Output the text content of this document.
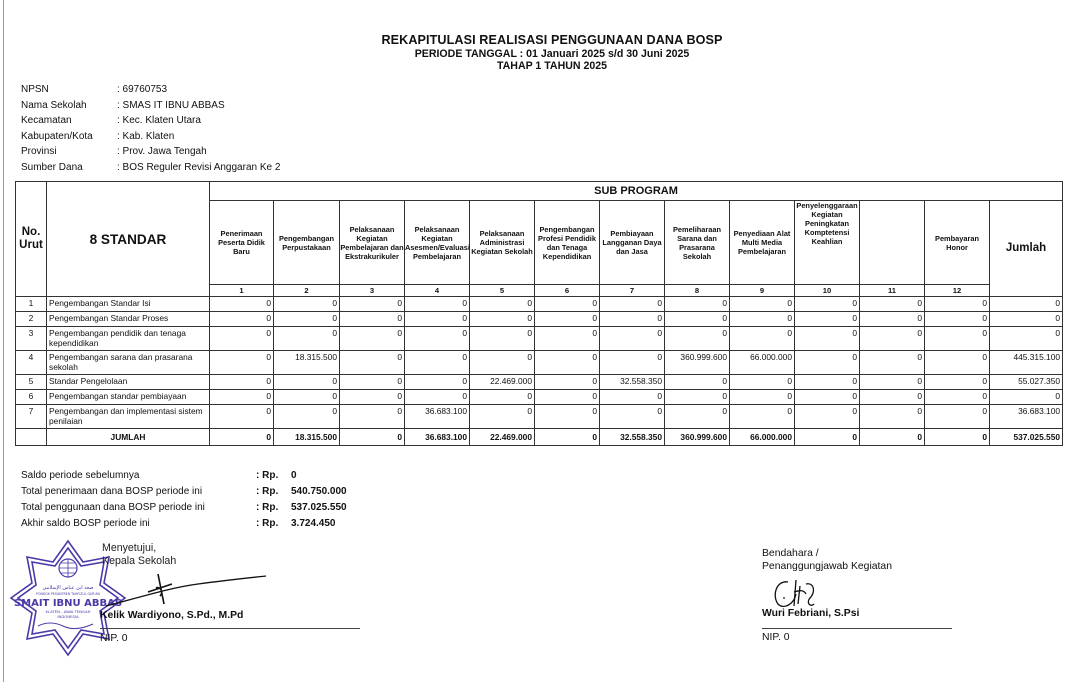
REKAPITULASI REALISASI PENGGUNAAN DANA BOSP
PERIODE TANGGAL : 01 Januari 2025 s/d 30 Juni 2025
TAHAP 1 TAHUN 2025
NPSN	: 69760753
Nama Sekolah	: SMAS IT IBNU ABBAS
Kecamatan	: Kec. Klaten Utara
Kabupaten/Kota	: Kab. Klaten
Provinsi	: Prov. Jawa Tengah
Sumber Dana	: BOS Reguler Revisi Anggaran Ke 2
No. Urut	8 STANDAR	SUB PROGRAM												
		Penerimaan Peserta Didik Baru	Pengembangan Perpustakaan	Pelaksanaan Kegiatan Pembelajaran dan Ekstrakurikuler	Pelaksanaan Kegiatan Asesmen/Evaluasi Pembelajaran	Pelaksanaan Administrasi Kegiatan Sekolah	Pengembangan Profesi Pendidik dan Tenaga Kependidikan	Pembiayaan Langganan Daya dan Jasa	Pemeliharaan Sarana dan Prasarana Sekolah	Penyediaan Alat Multi Media Pembelajaran	Penyelenggaraan Kegiatan Peningkatan Komptetensi Keahlian		Pembayaran Honor	Jumlah
		1	2	3	4	5	6	7	8	9	10	11	12	
1	Pengembangan Standar Isi	0	0	0	0	0	0	0	0	0	0	0	0	0
2	Pengembangan Standar Proses	0	0	0	0	0	0	0	0	0	0	0	0	0
3	Pengembangan pendidik dan tenaga kependidikan	0	0	0	0	0	0	0	0	0	0	0	0	0
4	Pengembangan sarana dan prasarana sekolah	0	18.315.500	0	0	0	0	0	360.999.600	66.000.000	0	0	0	445.315.100
5	Standar Pengelolaan	0	0	0	0	22.469.000	0	32.558.350	0	0	0	0	0	55.027.350
6	Pengembangan standar pembiayaan	0	0	0	0	0	0	0	0	0	0	0	0	0
7	Pengembangan dan implementasi sistem penilaian	0	0	0	36.683.100	0	0	0	0	0	0	0	0	36.683.100
	JUMLAH	0	18.315.500	0	36.683.100	22.469.000	0	32.558.350	360.999.600	66.000.000	0	0	0	537.025.550
Saldo periode sebelumnya	: Rp.	0
Total penerimaan dana BOSP periode ini	: Rp.	540.750.000
Total penggunaan dana BOSP periode ini	: Rp.	537.025.550
Akhir saldo BOSP periode ini	: Rp.	3.724.450
صعد ابن عباس الإسلامي
PONDOK PESANTREN TAHFIZUL QUR'AN
SMAIT IBNU ABBAS
KLATEN - JAWA TENGAH
INDONESIA
Menyetujui,
Kepala Sekolah
Kelik Wardiyono, S.Pd., M.Pd
NIP. 0
Bendahara /
Penanggungjawab Kegiatan
Wuri Febriani, S.Psi
NIP. 0
